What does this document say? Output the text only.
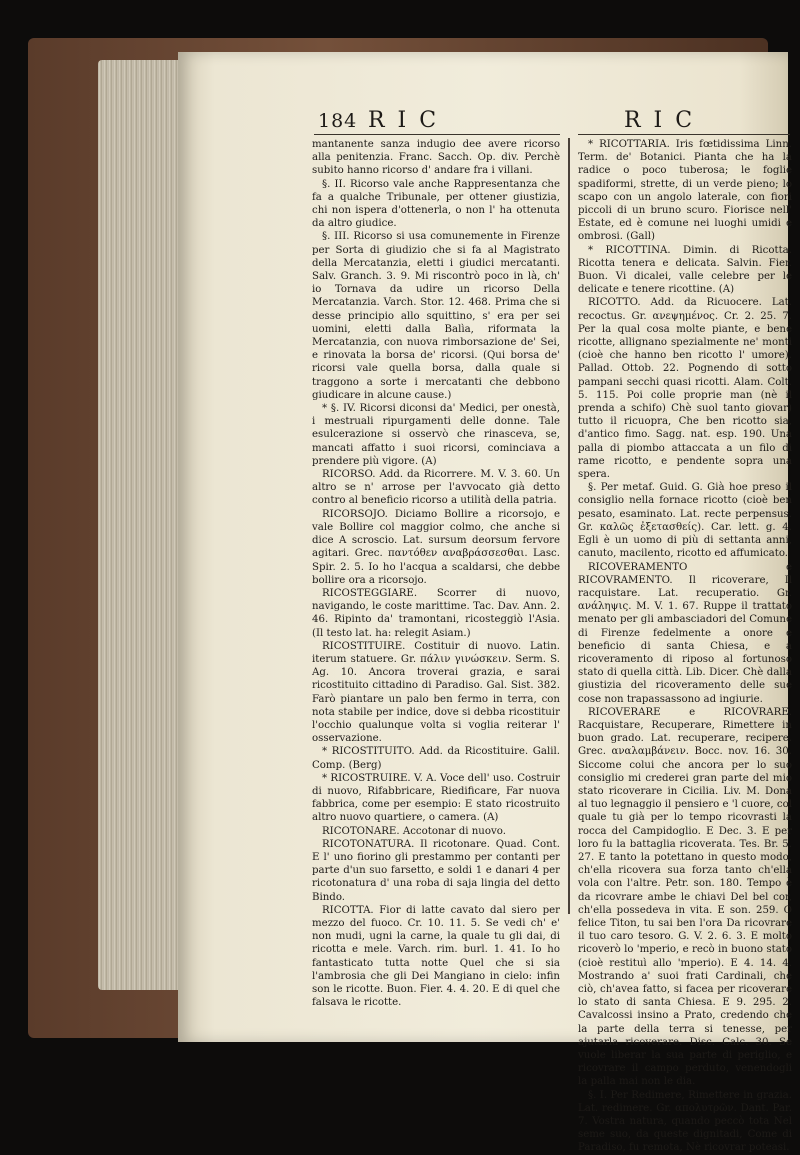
184 R I C	R I C

mantanente sanza indugio dee avere ricorso alla penitenzia. Franc. Sacch. Op. div. Perchè subito hanno ricorso d' andare fra i villani.

§. II. Ricorso vale anche Rappresentanza che fa a qualche Tribunale, per ottener giustizia, chi non ispera d'ottenerla, o non l' ha ottenuta da altro giudice.

§. III. Ricorso si usa comunemente in Firenze per Sorta di giudizio che si fa al Magistrato della Mercatanzia, eletti i giudici mercatanti. Salv. Granch. 3. 9. Mi riscontrò poco in là, ch' io Tornava da udire un ricorso Della Mercatanzia. Varch. Stor. 12. 468. Prima che si desse principio allo squittino, s' era per sei uomini, eletti dalla Balìa, riformata la Mercatanzia, con nuova rimborsazione de' Sei, e rinovata la borsa de' ricorsi. (Qui borsa de' ricorsi vale quella borsa, dalla quale si traggono a sorte i mercatanti che debbono giudicare in alcune cause.)

* §. IV. Ricorsi diconsi da' Medici, per onestà, i mestruali ripurgamenti delle donne. Tale esulcerazione si osservò che rinasceva, se, mancati affatto i suoi ricorsi, cominciava a prendere più vigore. (A)

RICORSO. Add. da Ricorrere. M. V. 3. 60. Un altro se n' arrose per l'avvocato già detto contro al beneficio ricorso a utilità della patria.

RICORSOJO. Diciamo Bollire a ricorsojo, e vale Bollire col maggior colmo, che anche si dice A scroscio. Lat. sursum deorsum fervore agitari. Grec. παντόθεν αναβράσσεσθαι. Lasc. Spir. 2. 5. Io ho l'acqua a scaldarsi, che debbe bollire ora a ricorsojo.

RICOSTEGGIARE. Scorrer di nuovo, navigando, le coste marittime. Tac. Dav. Ann. 2. 46. Ripinto da' tramontani, ricosteggiò l'Asia. (Il testo lat. ha: relegit Asiam.)

RICOSTITUIRE. Costituir di nuovo. Latin. iterum statuere. Gr. πάλιν γινώσκειν. Serm. S. Ag. 10. Ancora troverai grazia, e sarai ricostituito cittadino di Paradiso. Gal. Sist. 382. Farò piantare un palo ben fermo in terra, con nota stabile per indice, dove si debba ricostituir l'occhio qualunque volta si voglia reiterar l' osservazione.

* RICOSTITUITO. Add. da Ricostituire. Galil. Comp. (Berg)

* RICOSTRUIRE. V. A. Voce dell' uso. Costruir di nuovo, Rifabbricare, Riedificare, Far nuova fabbrica, come per esempio: E stato ricostruito altro nuovo quartiere, o camera. (A)

RICOTONARE. Accotonar di nuovo.

RICOTONATURA. Il ricotonare. Quad. Cont. E l' uno fiorino gli prestammo per contanti per parte d'un suo farsetto, e soldi 1 e danari 4 per ricotonatura d' una roba di saja lingia del detto Bindo.

RICOTTA. Fior di latte cavato dal siero per mezzo del fuoco. Cr. 10. 11. 5. Se vedi ch' e' non mudi, ugni la carne, la quale tu gli dai, di ricotta e mele. Varch. rim. burl. 1. 41. Io ho fantasticato tutta notte Quel che si sia l'ambrosia che gli Dei Mangiano in cielo: infin son le ricotte. Buon. Fier. 4. 4. 20. E di quel che falsava le ricotte.

* RICOTTARIA. Iris fœtidissima Linn. Term. de' Botanici. Pianta che ha la radice o poco tuberosa; le foglie spadiformi, strette, di un verde pieno; lo scapo con un angolo laterale, con fiori piccoli di un bruno scuro. Fiorisce nell' Estate, ed è comune nei luoghi umidi e ombrosi. (Gall)

* RICOTTINA. Dimin. di Ricotta. Ricotta tenera e delicata. Salvin. Fier. Buon. Vi dicalei, valle celebre per le delicate e tenere ricottine. (A)

RICOTTO. Add. da Ricuocere. Lat. recoctus. Gr. ανεψημένος. Cr. 2. 25. 7. Per la qual cosa molte piante, e bene ricotte, allignano spezialmente ne' monti (cioè che hanno ben ricotto l' umore). Pallad. Ottob. 22. Pognendo di sotto pampani secchi quasi ricotti. Alam. Colt. 5. 115. Poi colle proprie man (nè il prenda a schifo) Chè suol tanto giovar) tutto il ricuopra, Che ben ricotto sia, d'antico fimo. Sagg. nat. esp. 190. Una palla di piombo attaccata a un filo di rame ricotto, e pendente sopra una spera.

§. Per metaf. Guid. G. Già hoe preso il consiglio nella fornace ricotto (cioè ben pesato, esaminato. Lat. recte perpensus. Gr. καλῶς ἐξετασθείς). Car. lett. g. 4. Egli è un uomo di più di settanta anni, canuto, macilento, ricotto ed affumicato.

RICOVERAMENTO e RICOVRAMENTO. Il ricoverare, Il racquistare. Lat. recuperatio. Gr. ανάληψις. M. V. 1. 67. Ruppe il trattato menato per gli ambasciadori del Comune di Firenze fedelmente a onore e beneficio di santa Chiesa, e a ricoveramento di riposo al fortunoso stato di quella città. Lib. Dicer. Chè dalla giustizia del ricoveramento delle sue cose non trapassassono ad ingiurie.

RICOVERARE e RICOVRARE. Racquistare, Recuperare, Rimettere in buon grado. Lat. recuperare, recipere. Grec. αναλαμβάνειν. Bocc. nov. 16. 30. Siccome colui che ancora per lo suo consiglio mi crederei gran parte del mio stato ricoverare in Cicilia. Liv. M. Dona al tuo legnaggio il pensiero e 'l cuore, col quale tu già per lo tempo ricovrasti la rocca del Campidoglio. E Dec. 3. E per loro fu la battaglia ricoverata. Tes. Br. 5. 27. E tanto la potettano in questo modo, ch'ella ricovera sua forza tanto ch'ella vola con l'altre. Petr. son. 180. Tempo è da ricovrare ambe le chiavi Del bel cor, ch'ella possedeva in vita. E son. 259. O felice Titon, tu sai ben l'ora Da ricovrare il tuo caro tesoro. G. V. 2. 6. 3. E molto ricoverò lo 'mperio, e recò in buono stato (cioè restituì allo 'mperio). E 4. 14. 4. Mostrando a' suoi frati Cardinali, che ciò, ch'avea fatto, si facea per ricoverare lo stato di santa Chiesa. E 9. 295. 2. Cavalcossi insino a Prato, credendo che la parte della terra si tenesse, per ajutarla ricoverare. Disc. Calc. 30. Se vuole liberar la sua parte di periglio, e ricovrare il campo perduto, venendogli la palla mai non le dia.

§. I. Per Redimere, Rimettere in grazia. Lat. redimere. Gr. απολυτρῶν. Dant. Par. 7. Vostra natura, quando peccò tota Nel seme suo, da queste dignitadi, Come di Paradiso, fu remota, Nè ricovrar poteasi.
